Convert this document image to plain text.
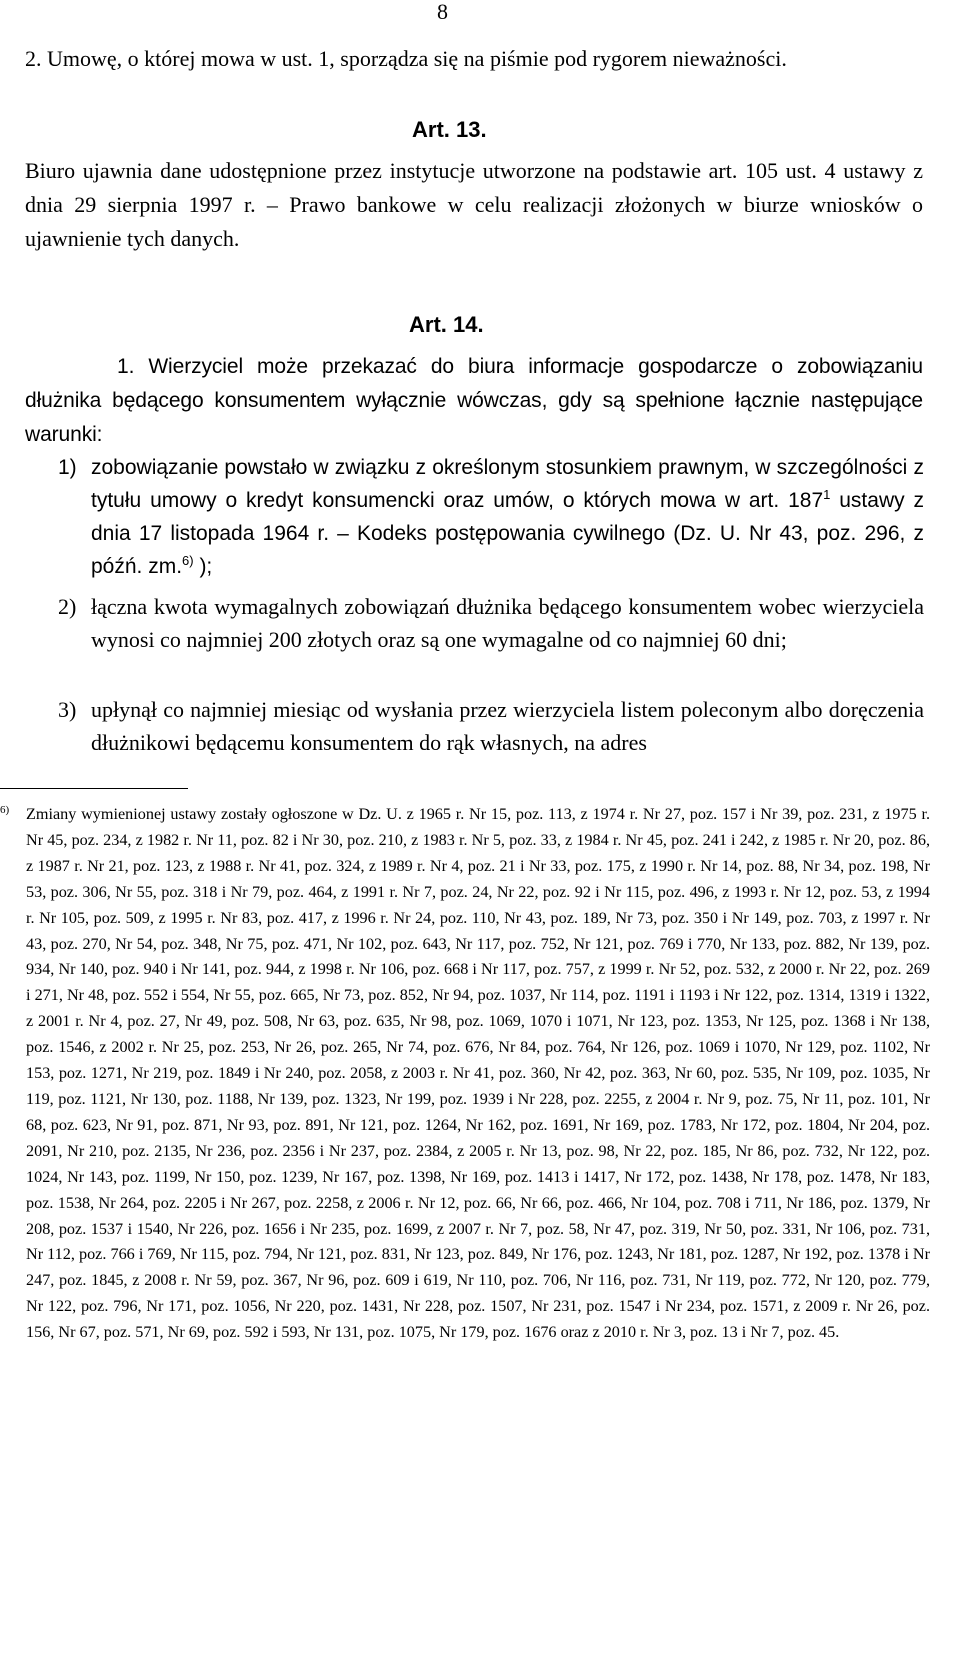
8
2. Umowę, o której mowa w ust. 1, sporządza się na piśmie pod rygorem nieważności.
Art. 13.
Biuro ujawnia dane udostępnione przez instytucje utworzone na podstawie art. 105 ust. 4 ustawy z dnia 29 sierpnia 1997 r. – Prawo bankowe w celu realizacji złożonych w biurze wniosków o ujawnienie tych danych.
Art. 14.
1. Wierzyciel może przekazać do biura informacje gospodarcze o zobowiązaniu dłużnika będącego konsumentem wyłącznie wówczas, gdy są spełnione łącznie następujące warunki:
1) zobowiązanie powstało w związku z określonym stosunkiem prawnym, w szczególności z tytułu umowy o kredyt konsumencki oraz umów, o których mowa w art. $187^1$ ustawy z dnia 17 listopada 1964 r. – Kodeks postępowania cywilnego (Dz. U. Nr 43, poz. 296, z późń. zm.$^{6)}$ );
2) łączna kwota wymagalnych zobowiązań dłużnika będącego konsumentem wobec wierzyciela wynosi co najmniej 200 złotych oraz są one wymagalne od co najmniej 60 dni;
3) upłynął co najmniej miesiąc od wysłania przez wierzyciela listem poleconym albo doręczenia dłużnikowi będącemu konsumentem do rąk własnych, na adres
6) Zmiany wymienionej ustawy zostały ogłoszone w Dz. U. z 1965 r. Nr 15, poz. 113, z 1974 r. Nr 27, poz. 157 i Nr 39, poz. 231, z 1975 r. Nr 45, poz. 234, z 1982 r. Nr 11, poz. 82 i Nr 30, poz. 210, z 1983 r. Nr 5, poz. 33, z 1984 r. Nr 45, poz. 241 i 242, z 1985 r. Nr 20, poz. 86, z 1987 r. Nr 21, poz. 123, z 1988 r. Nr 41, poz. 324, z 1989 r. Nr 4, poz. 21 i Nr 33, poz. 175, z 1990 r. Nr 14, poz. 88, Nr 34, poz. 198, Nr 53, poz. 306, Nr 55, poz. 318 i Nr 79, poz. 464, z 1991 r. Nr 7, poz. 24, Nr 22, poz. 92 i Nr 115, poz. 496, z 1993 r. Nr 12, poz. 53, z 1994 r. Nr 105, poz. 509, z 1995 r. Nr 83, poz. 417, z 1996 r. Nr 24, poz. 110, Nr 43, poz. 189, Nr 73, poz. 350 i Nr 149, poz. 703, z 1997 r. Nr 43, poz. 270, Nr 54, poz. 348, Nr 75, poz. 471, Nr 102, poz. 643, Nr 117, poz. 752, Nr 121, poz. 769 i 770, Nr 133, poz. 882, Nr 139, poz. 934, Nr 140, poz. 940 i Nr 141, poz. 944, z 1998 r. Nr 106, poz. 668 i Nr 117, poz. 757, z 1999 r. Nr 52, poz. 532, z 2000 r. Nr 22, poz. 269 i 271, Nr 48, poz. 552 i 554, Nr 55, poz. 665, Nr 73, poz. 852, Nr 94, poz. 1037, Nr 114, poz. 1191 i 1193 i Nr 122, poz. 1314, 1319 i 1322, z 2001 r. Nr 4, poz. 27, Nr 49, poz. 508, Nr 63, poz. 635, Nr 98, poz. 1069, 1070 i 1071, Nr 123, poz. 1353, Nr 125, poz. 1368 i Nr 138, poz. 1546, z 2002 r. Nr 25, poz. 253, Nr 26, poz. 265, Nr 74, poz. 676, Nr 84, poz. 764, Nr 126, poz. 1069 i 1070, Nr 129, poz. 1102, Nr 153, poz. 1271, Nr 219, poz. 1849 i Nr 240, poz. 2058, z 2003 r. Nr 41, poz. 360, Nr 42, poz. 363, Nr 60, poz. 535, Nr 109, poz. 1035, Nr 119, poz. 1121, Nr 130, poz. 1188, Nr 139, poz. 1323, Nr 199, poz. 1939 i Nr 228, poz. 2255, z 2004 r. Nr 9, poz. 75, Nr 11, poz. 101, Nr 68, poz. 623, Nr 91, poz. 871, Nr 93, poz. 891, Nr 121, poz. 1264, Nr 162, poz. 1691, Nr 169, poz. 1783, Nr 172, poz. 1804, Nr 204, poz. 2091, Nr 210, poz. 2135, Nr 236, poz. 2356 i Nr 237, poz. 2384, z 2005 r. Nr 13, poz. 98, Nr 22, poz. 185, Nr 86, poz. 732, Nr 122, poz. 1024, Nr 143, poz. 1199, Nr 150, poz. 1239, Nr 167, poz. 1398, Nr 169, poz. 1413 i 1417, Nr 172, poz. 1438, Nr 178, poz. 1478, Nr 183, poz. 1538, Nr 264, poz. 2205 i Nr 267, poz. 2258, z 2006 r. Nr 12, poz. 66, Nr 66, poz. 466, Nr 104, poz. 708 i 711, Nr 186, poz. 1379, Nr 208, poz. 1537 i 1540, Nr 226, poz. 1656 i Nr 235, poz. 1699, z 2007 r. Nr 7, poz. 58, Nr 47, poz. 319, Nr 50, poz. 331, Nr 106, poz. 731, Nr 112, poz. 766 i 769, Nr 115, poz. 794, Nr 121, poz. 831, Nr 123, poz. 849, Nr 176, poz. 1243, Nr 181, poz. 1287, Nr 192, poz. 1378 i Nr 247, poz. 1845, z 2008 r. Nr 59, poz. 367, Nr 96, poz. 609 i 619, Nr 110, poz. 706, Nr 116, poz. 731, Nr 119, poz. 772, Nr 120, poz. 779, Nr 122, poz. 796, Nr 171, poz. 1056, Nr 220, poz. 1431, Nr 228, poz. 1507, Nr 231, poz. 1547 i Nr 234, poz. 1571, z 2009 r. Nr 26, poz. 156, Nr 67, poz. 571, Nr 69, poz. 592 i 593, Nr 131, poz. 1075, Nr 179, poz. 1676 oraz z 2010 r. Nr 3, poz. 13 i Nr 7, poz. 45.
